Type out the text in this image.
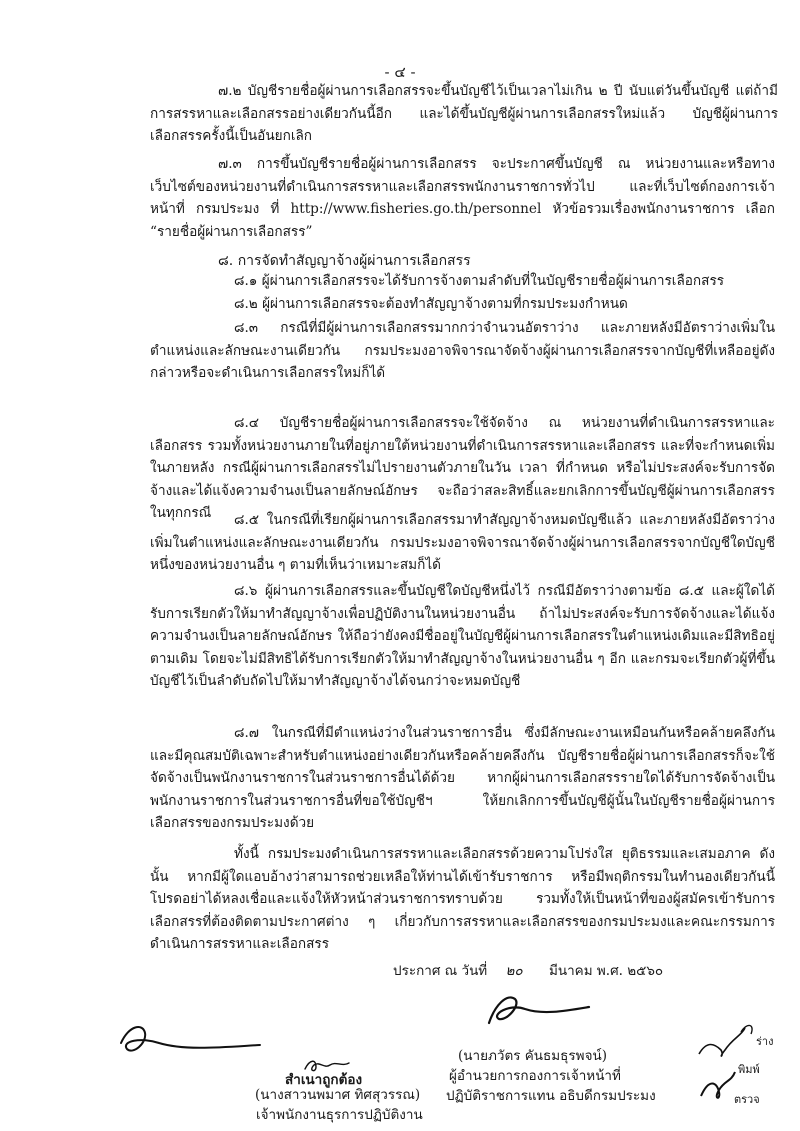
- ๔ -
๗.๒ บัญชีรายชื่อผู้ผ่านการเลือกสรรจะขึ้นบัญชีไว้เป็นเวลาไม่เกิน ๒ ปี นับแต่วันขึ้นบัญชี แต่ถ้ามีการสรรหาและเลือกสรรอย่างเดียวกันนี้อีก และได้ขึ้นบัญชีผู้ผ่านการเลือกสรรใหม่แล้ว บัญชีผู้ผ่านการเลือกสรรครั้งนี้เป็นอันยกเลิก
๗.๓ การขึ้นบัญชีรายชื่อผู้ผ่านการเลือกสรร จะประกาศขึ้นบัญชี ณ หน่วยงานและหรือทางเว็บไซต์ของหน่วยงานที่ดำเนินการสรรหาและเลือกสรรพนักงานราชการทั่วไป และที่เว็บไซต์กองการเจ้าหน้าที่ กรมประมง ที่ http://www.fisheries.go.th/personnel หัวข้อรวมเรื่องพนักงานราชการ เลือก “รายชื่อผู้ผ่านการเลือกสรร”
๘. การจัดทำสัญญาจ้างผู้ผ่านการเลือกสรร
๘.๑ ผู้ผ่านการเลือกสรรจะได้รับการจ้างตามลำดับที่ในบัญชีรายชื่อผู้ผ่านการเลือกสรร
๘.๒ ผู้ผ่านการเลือกสรรจะต้องทำสัญญาจ้างตามที่กรมประมงกำหนด
๘.๓ กรณีที่มีผู้ผ่านการเลือกสรรมากกว่าจำนวนอัตราว่าง และภายหลังมีอัตราว่างเพิ่มในตำแหน่งและลักษณะงานเดียวกัน กรมประมงอาจพิจารณาจัดจ้างผู้ผ่านการเลือกสรรจากบัญชีที่เหลืออยู่ดังกล่าวหรือจะดำเนินการเลือกสรรใหม่ก็ได้
๘.๔ บัญชีรายชื่อผู้ผ่านการเลือกสรรจะใช้จัดจ้าง ณ หน่วยงานที่ดำเนินการสรรหาและเลือกสรร รวมทั้งหน่วยงานภายในที่อยู่ภายใต้หน่วยงานที่ดำเนินการสรรหาและเลือกสรร และที่จะกำหนดเพิ่มในภายหลัง กรณีผู้ผ่านการเลือกสรรไม่ไปรายงานตัวภายในวัน เวลา ที่กำหนด หรือไม่ประสงค์จะรับการจัดจ้างและได้แจ้งความจำนงเป็นลายลักษณ์อักษร จะถือว่าสละสิทธิ์และยกเลิกการขึ้นบัญชีผู้ผ่านการเลือกสรรในทุกกรณี	๘.๕ ในกรณีที่เรียกผู้ผ่านการเลือกสรรมาทำสัญญาจ้างหมดบัญชีแล้ว และภายหลังมีอัตราว่างเพิ่มในตำแหน่งและลักษณะงานเดียวกัน กรมประมงอาจพิจารณาจัดจ้างผู้ผ่านการเลือกสรรจากบัญชีใดบัญชีหนึ่งของหน่วยงานอื่น ๆ ตามที่เห็นว่าเหมาะสมก็ได้
๘.๖ ผู้ผ่านการเลือกสรรและขึ้นบัญชีใดบัญชีหนึ่งไว้ กรณีมีอัตราว่างตามข้อ ๘.๕ และผู้ใดได้รับการเรียกตัวให้มาทำสัญญาจ้างเพื่อปฏิบัติงานในหน่วยงานอื่น ถ้าไม่ประสงค์จะรับการจัดจ้างและได้แจ้งความจำนงเป็นลายลักษณ์อักษร ให้ถือว่ายังคงมีชื่ออยู่ในบัญชีผู้ผ่านการเลือกสรรในตำแหน่งเดิมและมีสิทธิอยู่ตามเดิม โดยจะไม่มีสิทธิได้รับการเรียกตัวให้มาทำสัญญาจ้างในหน่วยงานอื่น ๆ อีก และกรมจะเรียกตัวผู้ที่ขึ้นบัญชีไว้เป็นลำดับถัดไปให้มาทำสัญญาจ้างได้จนกว่าจะหมดบัญชี
๘.๗ ในกรณีที่มีตำแหน่งว่างในส่วนราชการอื่น ซึ่งมีลักษณะงานเหมือนกันหรือคล้ายคลึงกัน และมีคุณสมบัติเฉพาะสำหรับตำแหน่งอย่างเดียวกันหรือคล้ายคลึงกัน บัญชีรายชื่อผู้ผ่านการเลือกสรรก็จะใช้จัดจ้างเป็นพนักงานราชการในส่วนราชการอื่นได้ด้วย หากผู้ผ่านการเลือกสรรรายใดได้รับการจัดจ้างเป็นพนักงานราชการในส่วนราชการอื่นที่ขอใช้บัญชีฯ ให้ยกเลิกการขึ้นบัญชีผู้นั้นในบัญชีรายชื่อผู้ผ่านการเลือกสรรของกรมประมงด้วย
ทั้งนี้ กรมประมงดำเนินการสรรหาและเลือกสรรด้วยความโปร่งใส ยุติธรรมและเสมอภาค ดังนั้น หากมีผู้ใดแอบอ้างว่าสามารถช่วยเหลือให้ท่านได้เข้ารับราชการ หรือมีพฤติกรรมในทำนองเดียวกันนี้ โปรดอย่าได้หลงเชื่อและแจ้งให้หัวหน้าส่วนราชการทราบด้วย รวมทั้งให้เป็นหน้าที่ของผู้สมัครเข้ารับการเลือกสรรที่ต้องติดตามประกาศต่าง ๆ เกี่ยวกับการสรรหาและเลือกสรรของกรมประมงและคณะกรรมการดำเนินการสรรหาและเลือกสรร
ประกาศ ณ วันที่ ๒๐ มีนาคม พ.ศ. ๒๕๖๐
(นายภวัตร คันธมธุรพจน์)
ผู้อำนวยการกองการเจ้าหน้าที่
ปฏิบัติราชการแทน อธิบดีกรมประมง
สำเนาถูกต้อง
(นางสาวนพมาศ ทิศสุวรรณ)
เจ้าพนักงานธุรการปฏิบัติงาน
ร่าง
พิมพ์
ตรวจ
